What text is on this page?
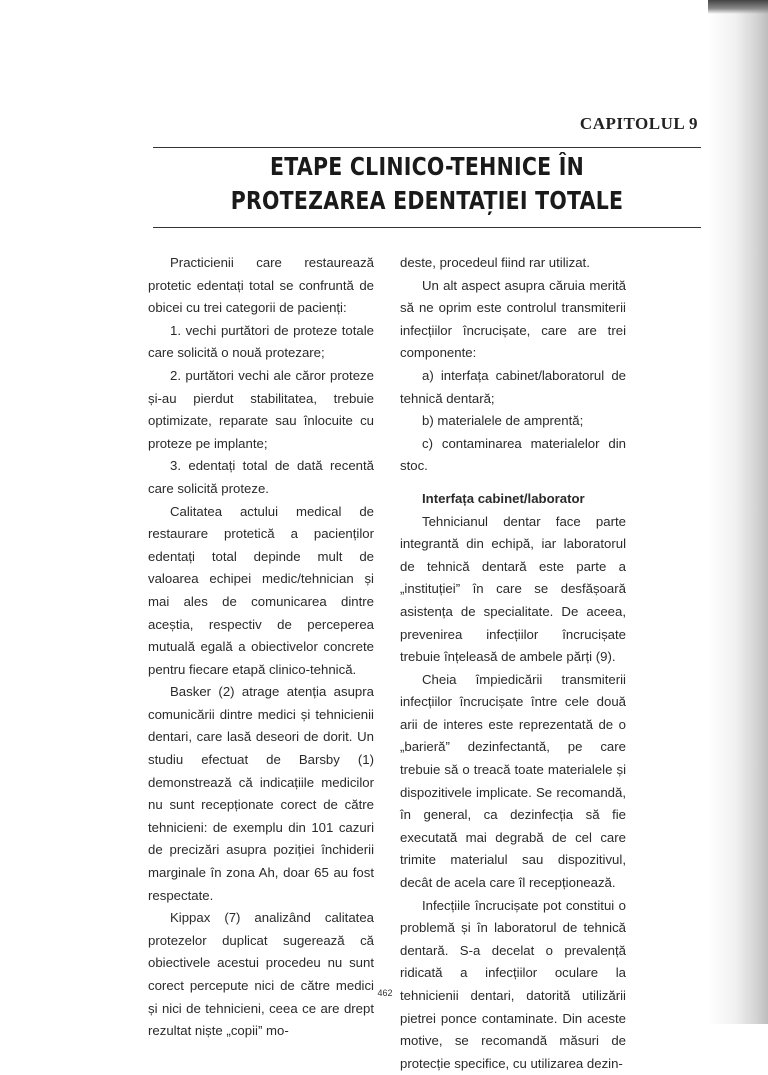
CAPITOLUL 9
ETAPE CLINICO-TEHNICE ÎN
PROTEZAREA EDENTAȚIEI TOTALE

Practicienii care restaurează protetic edentați total se confruntă de obicei cu trei categorii de pacienți:

1. vechi purtători de proteze totale care solicită o nouă protezare;

2. purtători vechi ale căror proteze și-au pierdut stabilitatea, trebuie optimizate, reparate sau înlocuite cu proteze pe implante;

3. edentați total de dată recentă care solicită proteze.

Calitatea actului medical de restaurare protetică a pacienților edentați total depinde mult de valoarea echipei medic/tehnician și mai ales de comunicarea dintre aceștia, respectiv de perceperea mutuală egală a obiectivelor concrete pentru fiecare etapă clinico-tehnică.

Basker (2) atrage atenția asupra comunicării dintre medici și tehnicienii dentari, care lasă deseori de dorit. Un studiu efectuat de Barsby (1) demonstrează că indicațiile medicilor nu sunt recepționate corect de către tehnicieni: de exemplu din 101 cazuri de precizări asupra poziției închiderii marginale în zona Ah, doar 65 au fost respectate.

Kippax (7) analizând calitatea protezelor duplicat sugerează că obiectivele acestui procedeu nu sunt corect percepute nici de către medici și nici de tehnicieni, ceea ce are drept rezultat niște „copii” mo-

deste, procedeul fiind rar utilizat.

Un alt aspect asupra căruia merită să ne oprim este controlul transmiterii infecțiilor încrucișate, care are trei componente:

a) interfața cabinet/laboratorul de tehnică dentară;

b) materialele de amprentă;

c) contaminarea materialelor din stoc.

Interfața cabinet/laborator

Tehnicianul dentar face parte integrantă din echipă, iar laboratorul de tehnică dentară este parte a „instituției” în care se desfășoară asistența de specialitate. De aceea, prevenirea infecțiilor încrucișate trebuie înțeleasă de ambele părți (9).

Cheia împiedicării transmiterii infecțiilor încrucișate între cele două arii de interes este reprezentată de o „barieră” dezinfectantă, pe care trebuie să o treacă toate materialele și dispozitivele implicate. Se recomandă, în general, ca dezinfecția să fie executată mai degrabă de cel care trimite materialul sau dispozitivul, decât de acela care îl recepționează.

Infecțiile încrucișate pot constitui o problemă și în laboratorul de tehnică dentară. S-a decelat o prevalență ridicată a infecțiilor oculare la tehnicienii dentari, datorită utilizării pietrei ponce contaminate. Din aceste motive, se recomandă măsuri de protecție specifice, cu utilizarea dezin-

462
